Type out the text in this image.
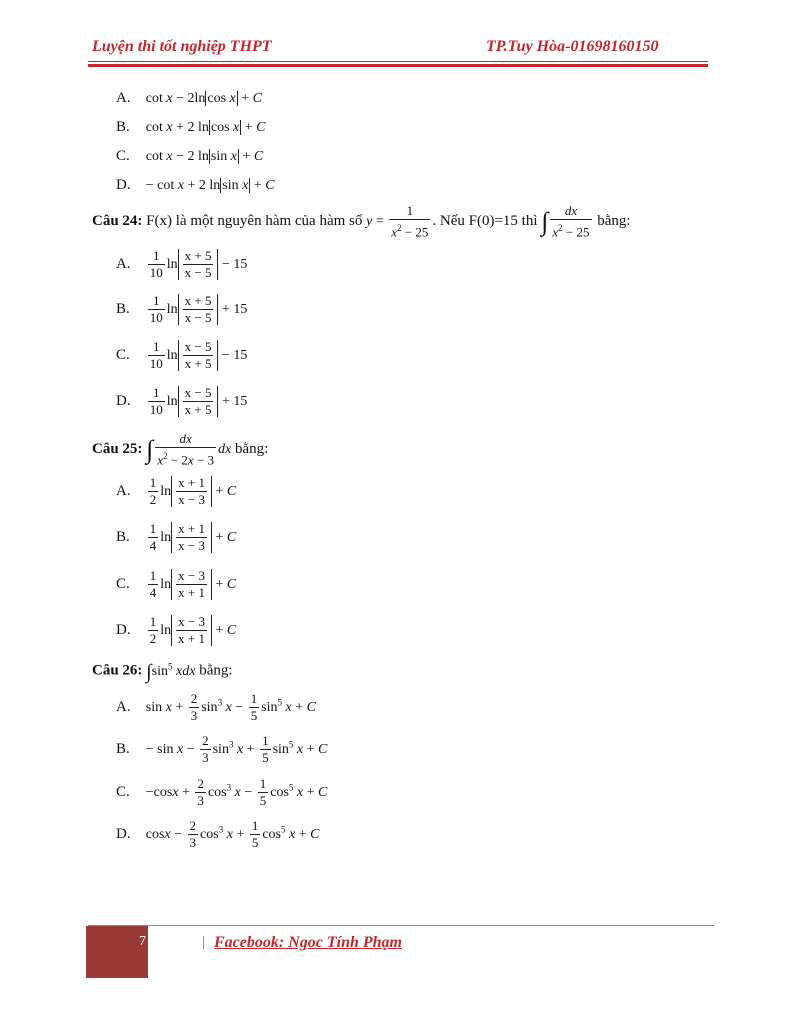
Luyện thi tốt nghiệp THPT	TP.Tuy Hòa-01698160150
A. cot x − 2ln cos x + C
B. cot x + 2 ln cos x + C
C. cot x − 2 ln sin x + C
D. − cot x + 2 ln sin x + C
Câu 24: F(x) là một nguyên hàm của hàm số $y = \frac{1}{x^2 - 25}$ . Nếu F(0)=15 thì ∫ $\frac{dx}{x^2 - 25}$ bằng:
A. $\frac{1}{10}$ $\ln \frac{x + 5}{x - 5} - 15$
B. $\frac{1}{10}$ $\ln \frac{x + 5}{x - 5} + 15$
C. $\frac{1}{10}$ $\ln \frac{x - 5}{x + 5} - 15$
D. $\frac{1}{10}$ $\ln \frac{x - 5}{x + 5} + 15$
Câu 25: ∫ $\frac{dx}{x^2 - 2x - 3}$ dx bằng:
A. $\frac{1}{2}$ $\ln \frac{x + 1}{x - 3} + C$
B. $\frac{1}{4}$ $\ln \frac{x + 1}{x - 3} + C$
C. $\frac{1}{4}$ $\ln \frac{x - 3}{x + 1} + C$
D. $\frac{1}{2}$ $\ln \frac{x - 3}{x + 1} + C$
Câu 26: $\int\sin^5$ xdx bằng:
A. $\sin x + \frac{2}{3} \sin^3 x - \frac{1}{5} \sin^5 x + C$
B. − $\sin x - \frac{2}{3} \sin^3 x + \frac{1}{5} \sin^5 x + C$
C. $-\cos x + \frac{2}{3} \cos^3 x - \frac{1}{5} \cos^5 x + C$
D. $\cos x - \frac{2}{3} \cos^3 x + \frac{1}{5} \cos^5 x + C$
7	| Facebook: Ngoc Tính Phạm
